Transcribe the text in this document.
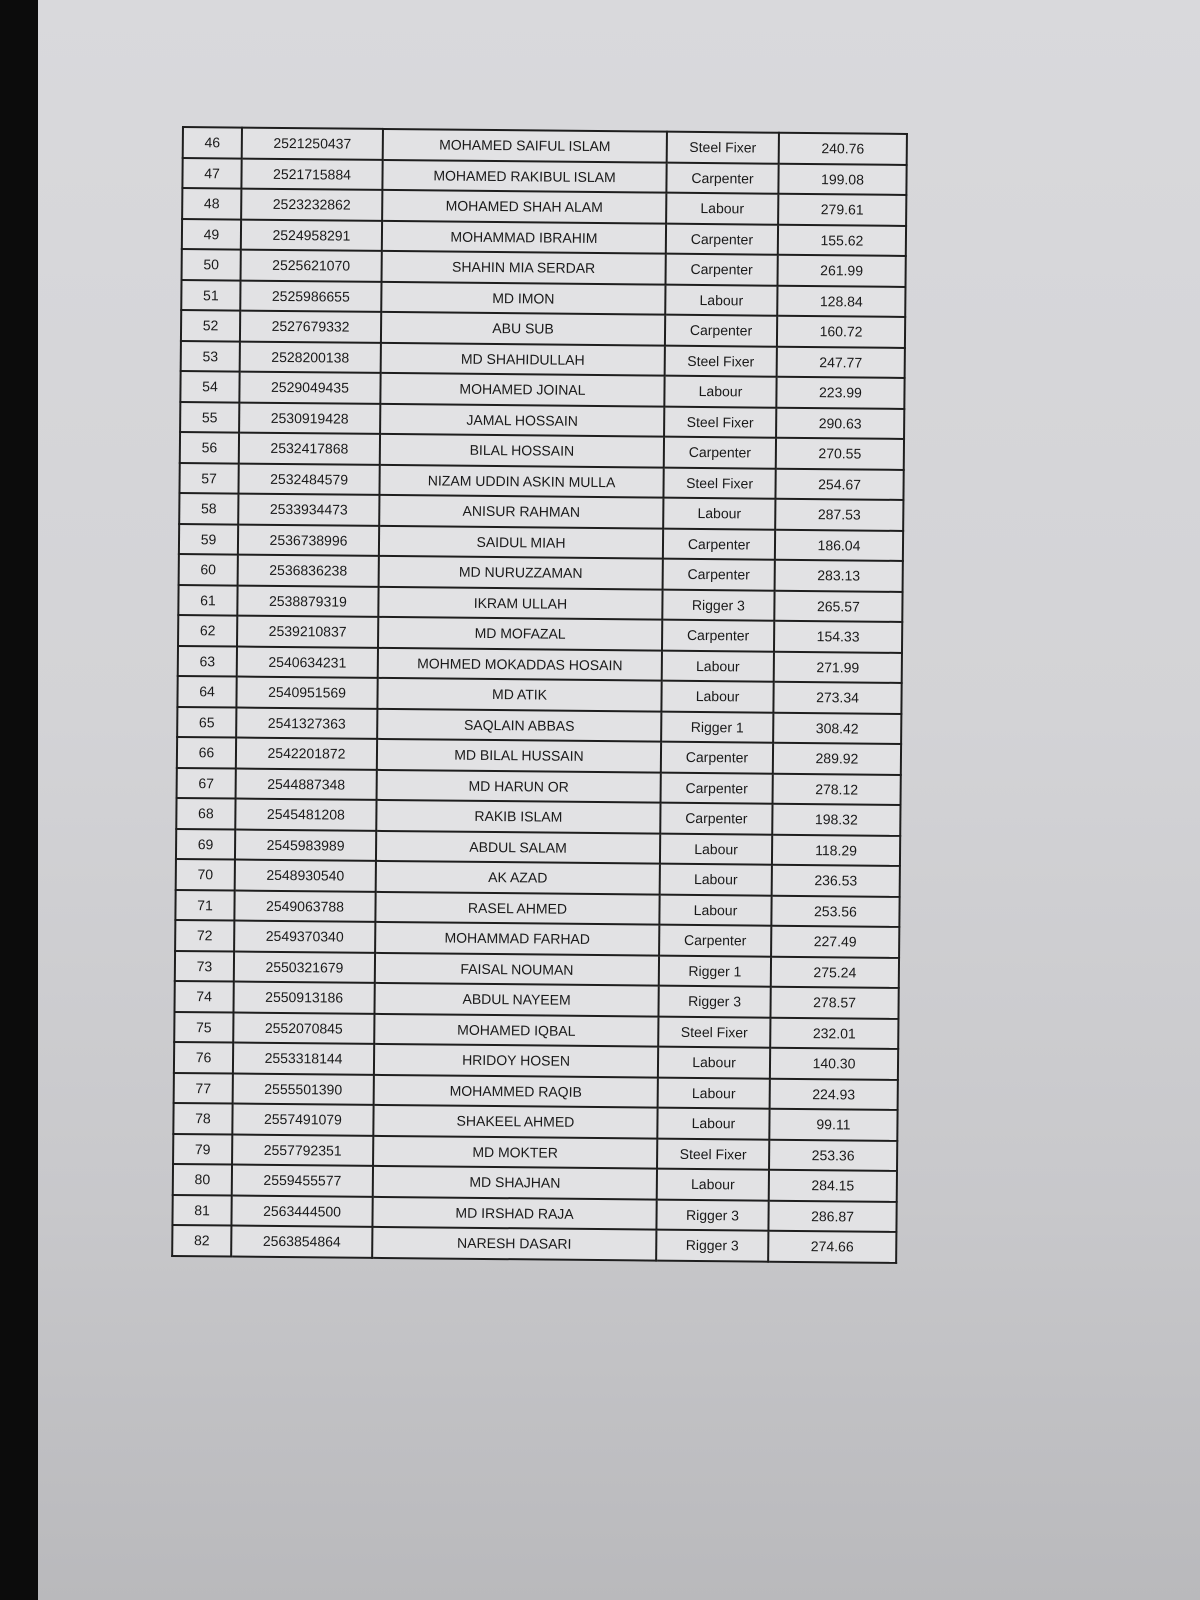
46	2521250437	MOHAMED SAIFUL ISLAM	Steel Fixer	240.76
47	2521715884	MOHAMED RAKIBUL ISLAM	Carpenter	199.08
48	2523232862	MOHAMED SHAH ALAM	Labour	279.61
49	2524958291	MOHAMMAD IBRAHIM	Carpenter	155.62
50	2525621070	SHAHIN MIA SERDAR	Carpenter	261.99
51	2525986655	MD IMON	Labour	128.84
52	2527679332	ABU SUB	Carpenter	160.72
53	2528200138	MD SHAHIDULLAH	Steel Fixer	247.77
54	2529049435	MOHAMED JOINAL	Labour	223.99
55	2530919428	JAMAL HOSSAIN	Steel Fixer	290.63
56	2532417868	BILAL HOSSAIN	Carpenter	270.55
57	2532484579	NIZAM UDDIN ASKIN MULLA	Steel Fixer	254.67
58	2533934473	ANISUR RAHMAN	Labour	287.53
59	2536738996	SAIDUL MIAH	Carpenter	186.04
60	2536836238	MD NURUZZAMAN	Carpenter	283.13
61	2538879319	IKRAM ULLAH	Rigger 3	265.57
62	2539210837	MD MOFAZAL	Carpenter	154.33
63	2540634231	MOHMED MOKADDAS HOSAIN	Labour	271.99
64	2540951569	MD ATIK	Labour	273.34
65	2541327363	SAQLAIN ABBAS	Rigger 1	308.42
66	2542201872	MD BILAL HUSSAIN	Carpenter	289.92
67	2544887348	MD HARUN OR	Carpenter	278.12
68	2545481208	RAKIB ISLAM	Carpenter	198.32
69	2545983989	ABDUL SALAM	Labour	118.29
70	2548930540	AK AZAD	Labour	236.53
71	2549063788	RASEL AHMED	Labour	253.56
72	2549370340	MOHAMMAD FARHAD	Carpenter	227.49
73	2550321679	FAISAL NOUMAN	Rigger 1	275.24
74	2550913186	ABDUL NAYEEM	Rigger 3	278.57
75	2552070845	MOHAMED IQBAL	Steel Fixer	232.01
76	2553318144	HRIDOY HOSEN	Labour	140.30
77	2555501390	MOHAMMED RAQIB	Labour	224.93
78	2557491079	SHAKEEL AHMED	Labour	99.11
79	2557792351	MD MOKTER	Steel Fixer	253.36
80	2559455577	MD SHAJHAN	Labour	284.15
81	2563444500	MD IRSHAD RAJA	Rigger 3	286.87
82	2563854864	NARESH DASARI	Rigger 3	274.66
